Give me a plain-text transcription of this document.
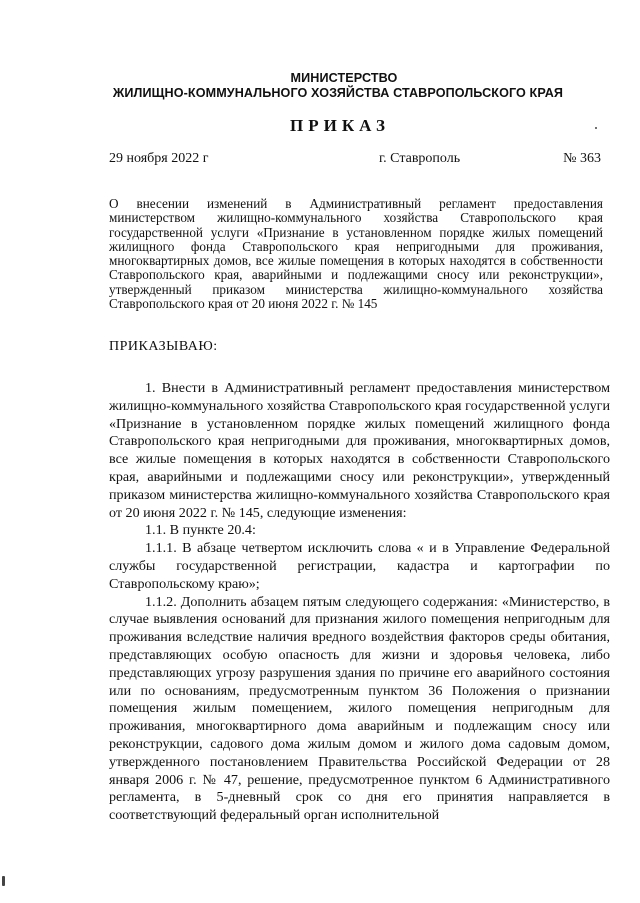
МИНИСТЕРСТВО
ЖИЛИЩНО-КОММУНАЛЬНОГО ХОЗЯЙСТВА СТАВРОПОЛЬСКОГО КРАЯ
ПРИКАЗ
29 ноября 2022 г	г. Ставрополь	№ 363
О внесении изменений в Административный регламент предоставления министерством жилищно-коммунального хозяйства Ставропольского края государственной услуги «Признание в установленном порядке жилых помещений жилищного фонда Ставропольского края непригодными для проживания, многоквартирных домов, все жилые помещения в которых находятся в собственности Ставропольского края, аварийными и подлежащими сносу или реконструкции», утвержденный приказом министерства жилищно-коммунального хозяйства Ставропольского края от 20 июня 2022 г. № 145
ПРИКАЗЫВАЮ:

1. Внести в Административный регламент предоставления министерством жилищно-коммунального хозяйства Ставропольского края государственной услуги «Признание в установленном порядке жилых помещений жилищного фонда Ставропольского края непригодными для проживания, многоквартирных домов, все жилые помещения в которых находятся в собственности Ставропольского края, аварийными и подлежащими сносу или реконструкции», утвержденный приказом министерства жилищно-коммунального хозяйства Ставропольского края от 20 июня 2022 г. № 145, следующие изменения:

1.1. В пункте 20.4:

1.1.1. В абзаце четвертом исключить слова « и в Управление Федеральной службы государственной регистрации, кадастра и картографии по Ставропольскому краю»;

1.1.2. Дополнить абзацем пятым следующего содержания: «Министерство, в случае выявления оснований для признания жилого помещения непригодным для проживания вследствие наличия вредного воздействия факторов среды обитания, представляющих особую опасность для жизни и здоровья человека, либо представляющих угрозу разрушения здания по причине его аварийного состояния или по основаниям, предусмотренным пунктом 36 Положения о признании помещения жилым помещением, жилого помещения непригодным для проживания, многоквартирного дома аварийным и подлежащим сносу или реконструкции, садового дома жилым домом и жилого дома садовым домом, утвержденного постановлением Правительства Российской Федерации от 28 января 2006 г. № 47, решение, предусмотренное пунктом 6 Административного регламента, в 5-дневный срок со дня его принятия направляется в соответствующий федеральный орган исполнительной
